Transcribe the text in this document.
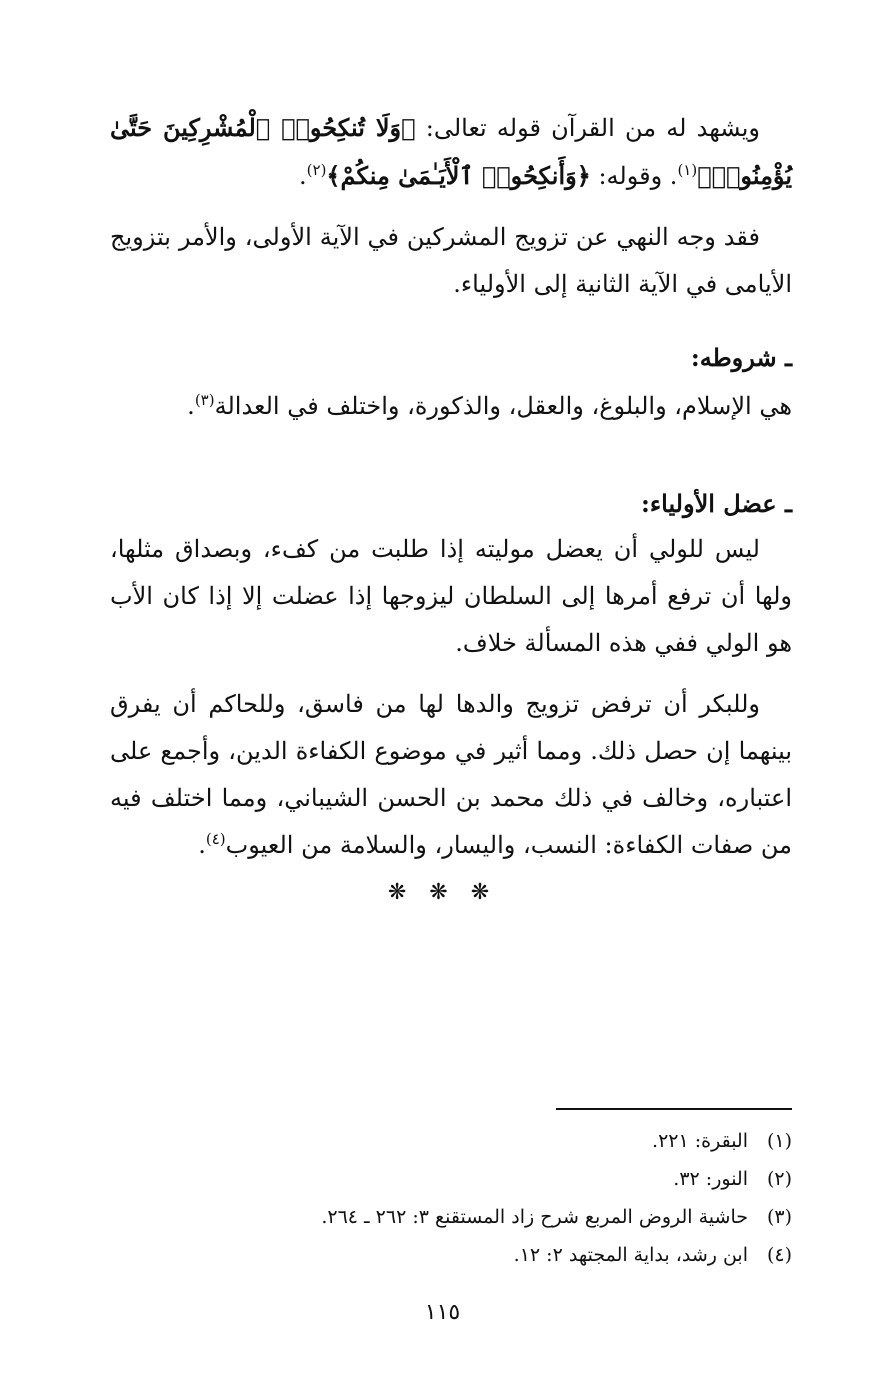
ويشهد له من القرآن قوله تعالى: ﴿وَلَا تُنكِحُوا۟ ٱلْمُشْرِكِينَ حَتَّىٰ يُؤْمِنُوا۟﴾$^{(١)}$. وقوله: ﴿وَأَنكِحُوا۟ ٱلْأَيَـٰمَىٰ مِنكُمْ﴾$^{(٢)}$.

فقد وجه النهي عن تزويج المشركين في الآية الأولى، والأمر بتزويج الأيامى في الآية الثانية إلى الأولياء.

ـ شروطه:

هي الإسلام، والبلوغ، والعقل، والذكورة، واختلف في العدالة$^{(٣)}$.

ـ عضل الأولياء:

ليس للولي أن يعضل موليته إذا طلبت من كفء، وبصداق مثلها، ولها أن ترفع أمرها إلى السلطان ليزوجها إذا عضلت إلا إذا كان الأب هو الولي ففي هذه المسألة خلاف.

وللبكر أن ترفض تزويج والدها لها من فاسق، وللحاكم أن يفرق بينهما إن حصل ذلك. ومما أثير في موضوع الكفاءة الدين، وأجمع على اعتباره، وخالف في ذلك محمد بن الحسن الشيباني، ومما اختلف فيه من صفات الكفاءة: النسب، واليسار، والسلامة من العيوب$^{(٤)}$.

❋ ❋ ❋
(١)البقرة: ٢٢١.
(٢)النور: ٣٢.
(٣)حاشية الروض المربع شرح زاد المستقنع ٣: ٢٦٢ ـ ٢٦٤.
(٤)ابن رشد، بداية المجتهد ٢: ١٢.
١١٥
